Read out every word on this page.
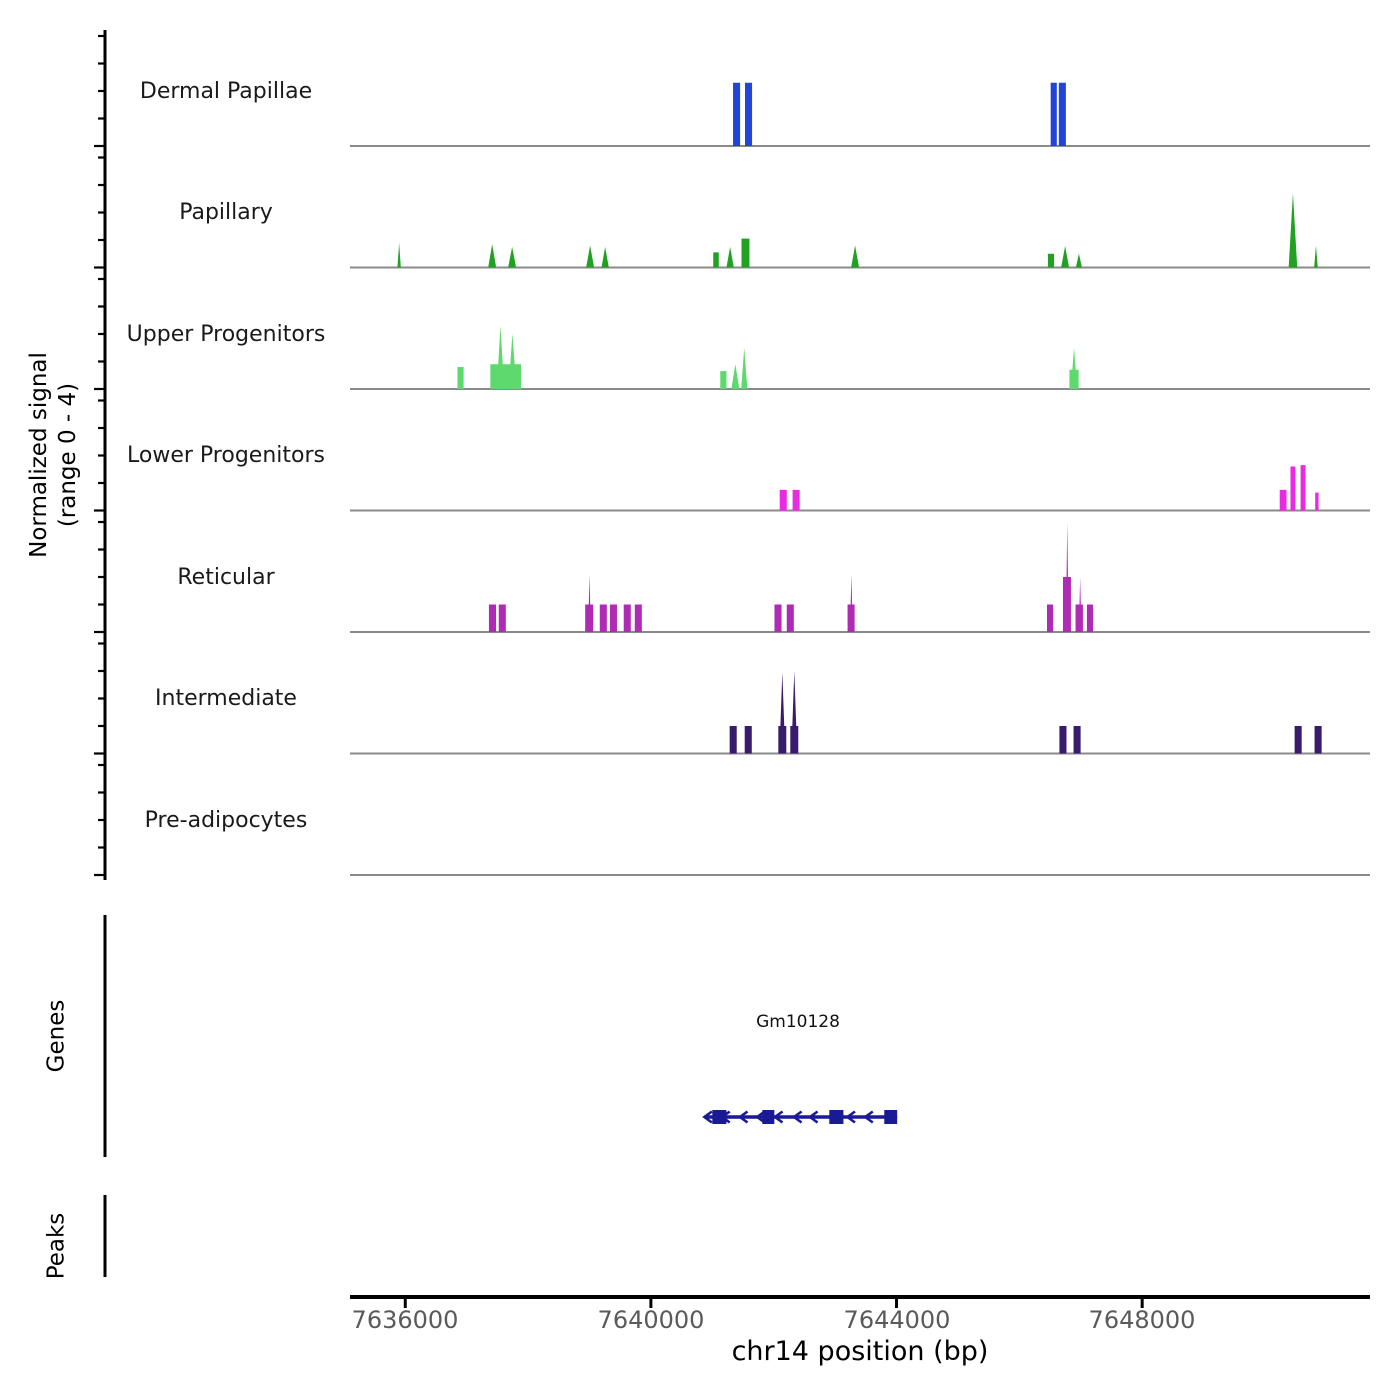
Normalized signal (range 0 - 4)
Dermal Papillae
Papillary
Upper Progenitors
Lower Progenitors
Reticular
Intermediate
Pre-adipocytes
Genes
Peaks
Gm10128
7636000	7640000	7644000	7648000
chr14 position (bp)
